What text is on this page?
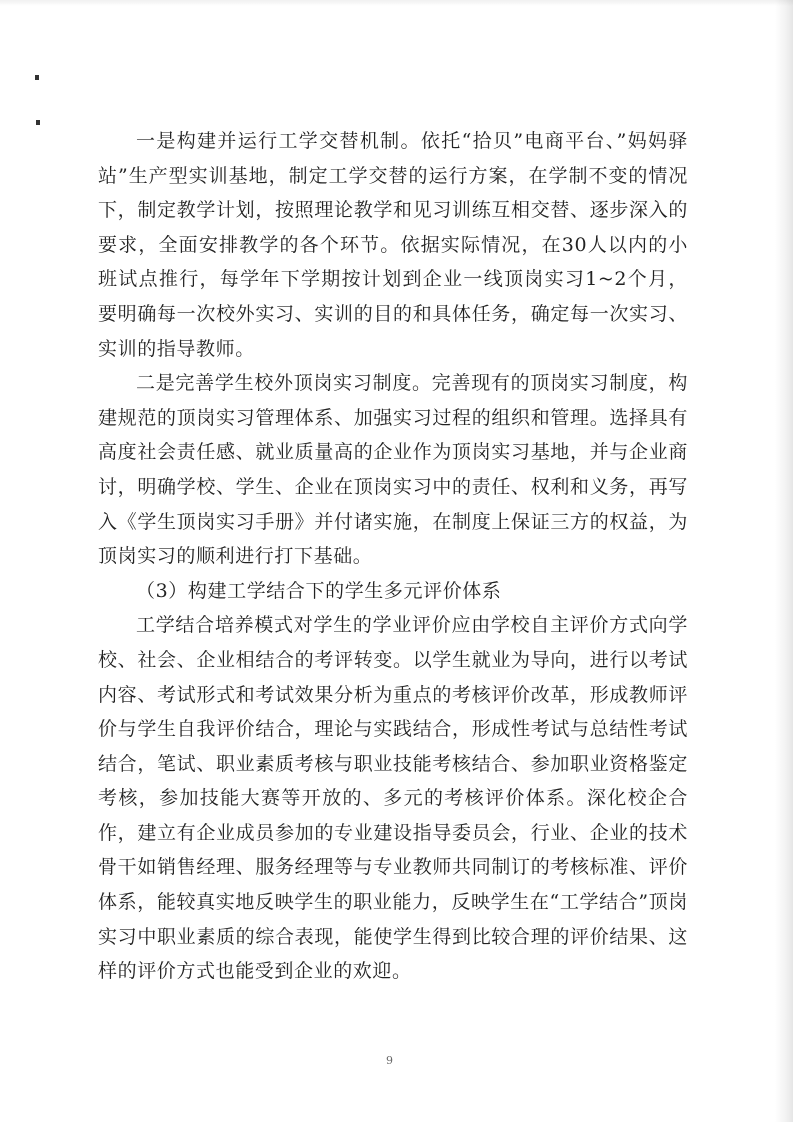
一是构建并运行工学交替机制。依托“拾贝”电商平台、”妈妈驿站”生产型实训基地，制定工学交替的运行方案，在学制不变的情况下，制定教学计划，按照理论教学和见习训练互相交替、逐步深入的要求，全面安排教学的各个环节。依据实际情况，在30人以内的小班试点推行，每学年下学期按计划到企业一线顶岗实习1~2个月，要明确每一次校外实习、实训的目的和具体任务，确定每一次实习、实训的指导教师。

二是完善学生校外顶岗实习制度。完善现有的顶岗实习制度，构建规范的顶岗实习管理体系、加强实习过程的组织和管理。选择具有高度社会责任感、就业质量高的企业作为顶岗实习基地，并与企业商讨，明确学校、学生、企业在顶岗实习中的责任、权利和义务，再写入《学生顶岗实习手册》并付诸实施，在制度上保证三方的权益，为顶岗实习的顺利进行打下基础。

（3）构建工学结合下的学生多元评价体系

工学结合培养模式对学生的学业评价应由学校自主评价方式向学校、社会、企业相结合的考评转变。以学生就业为导向，进行以考试内容、考试形式和考试效果分析为重点的考核评价改革，形成教师评价与学生自我评价结合，理论与实践结合，形成性考试与总结性考试结合，笔试、职业素质考核与职业技能考核结合、参加职业资格鉴定考核，参加技能大赛等开放的、多元的考核评价体系。深化校企合作，建立有企业成员参加的专业建设指导委员会，行业、企业的技术骨干如销售经理、服务经理等与专业教师共同制订的考核标准、评价体系，能较真实地反映学生的职业能力，反映学生在“工学结合”顶岗实习中职业素质的综合表现，能使学生得到比较合理的评价结果、这样的评价方式也能受到企业的欢迎。

9
